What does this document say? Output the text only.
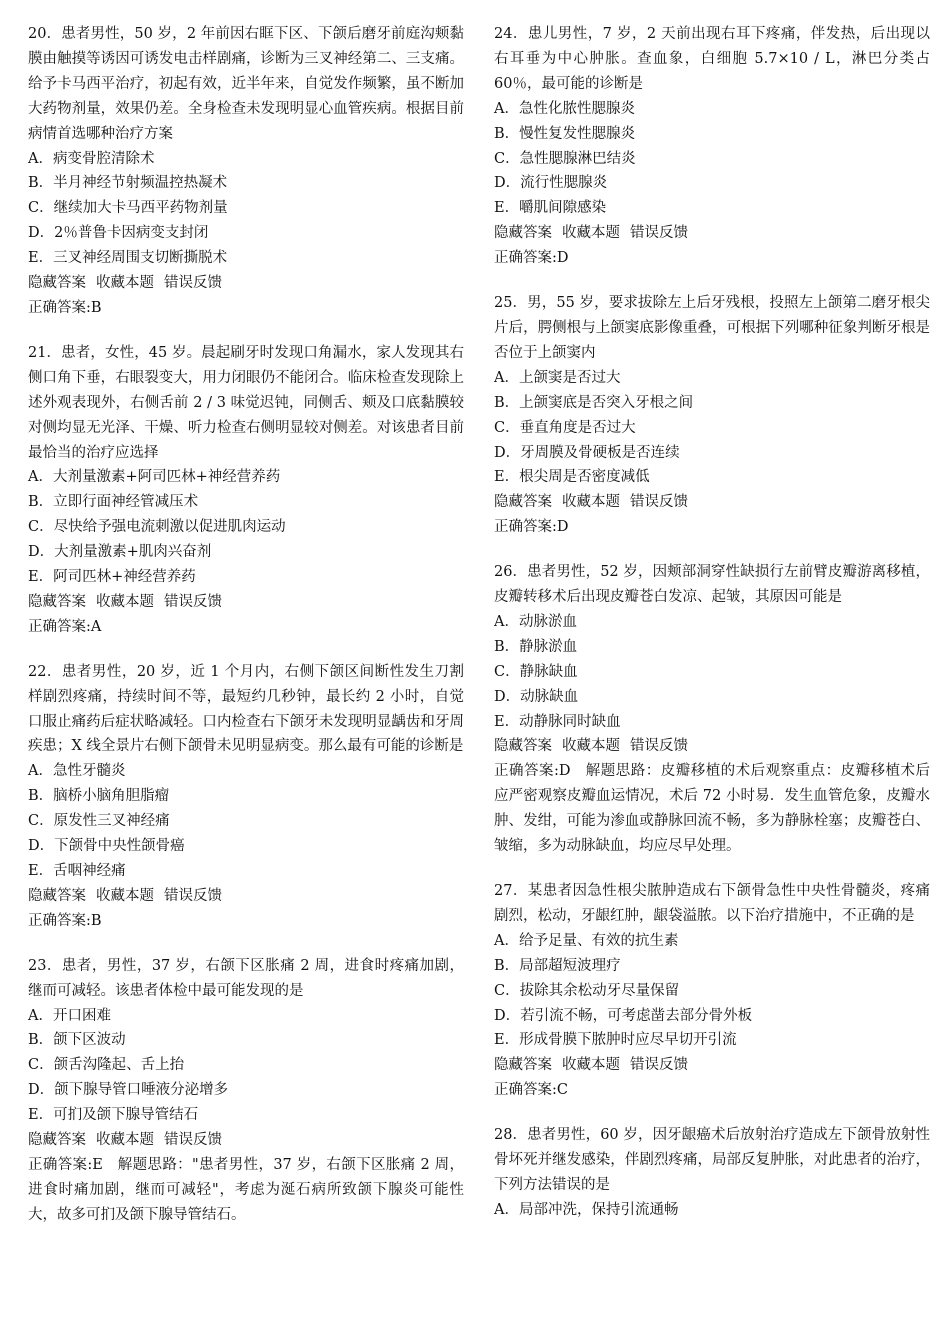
20．患者男性，50 岁，2 年前因右眶下区、下颌后磨牙前庭沟颊黏膜由触摸等诱因可诱发电击样剧痛，诊断为三叉神经第二、三支痛。给予卡马西平治疗，初起有效，近半年来，自觉发作频繁，虽不断加大药物剂量，效果仍差。全身检查未发现明显心血管疾病。根据目前病情首选哪种治疗方案
A．病变骨腔清除术
B．半月神经节射频温控热凝术
C．继续加大卡马西平药物剂量
D．2％普鲁卡因病变支封闭
E．三叉神经周围支切断撕脱术
隐藏答案 收藏本题 错误反馈
正确答案:B
21．患者，女性，45 岁。晨起刷牙时发现口角漏水，家人发现其右侧口角下垂，右眼裂变大，用力闭眼仍不能闭合。临床检查发现除上述外观表现外，右侧舌前 2 / 3 味觉迟钝，同侧舌、颊及口底黏膜较对侧均显无光泽、干燥、听力检查右侧明显较对侧差。对该患者目前最恰当的治疗应选择
A．大剂量激素+阿司匹林+神经营养药
B．立即行面神经管减压术
C．尽快给予强电流刺激以促进肌肉运动
D．大剂量激素+肌肉兴奋剂
E．阿司匹林+神经营养药
隐藏答案 收藏本题 错误反馈
正确答案:A
22．患者男性，20 岁，近 1 个月内，右侧下颌区间断性发生刀割样剧烈疼痛，持续时间不等，最短约几秒钟，最长约 2 小时，自觉口服止痛药后症状略减轻。口内检查右下颌牙未发现明显龋齿和牙周疾患；X 线全景片右侧下颌骨未见明显病变。那么最有可能的诊断是
A．急性牙髓炎
B．脑桥小脑角胆脂瘤
C．原发性三叉神经痛
D．下颌骨中央性颌骨癌
E．舌咽神经痛
隐藏答案 收藏本题 错误反馈
正确答案:B
23．患者，男性，37 岁，右颌下区胀痛 2 周，进食时疼痛加剧，继而可减轻。该患者体检中最可能发现的是
A．开口困难
B．颌下区波动
C．颌舌沟隆起、舌上抬
D．颌下腺导管口唾液分泌增多
E．可扪及颌下腺导管结石
隐藏答案 收藏本题 错误反馈
正确答案:E 解题思路："患者男性，37 岁，右颌下区胀痛 2 周，进食时痛加剧，继而可减轻"，考虑为涎石病所致颌下腺炎可能性大，故多可扪及颌下腺导管结石。
24．患儿男性，7 岁，2 天前出现右耳下疼痛，伴发热，后出现以右耳垂为中心肿胀。查血象，白细胞 5.7×10 / L，淋巴分类占 60％，最可能的诊断是
A．急性化脓性腮腺炎
B．慢性复发性腮腺炎
C．急性腮腺淋巴结炎
D．流行性腮腺炎
E．嚼肌间隙感染
隐藏答案 收藏本题 错误反馈
正确答案:D
25．男，55 岁，要求拔除左上后牙残根，投照左上颌第二磨牙根尖片后，腭侧根与上颌窦底影像重叠，可根据下列哪种征象判断牙根是否位于上颌窦内
A．上颌窦是否过大
B．上颌窦底是否突入牙根之间
C．垂直角度是否过大
D．牙周膜及骨硬板是否连续
E．根尖周是否密度减低
隐藏答案 收藏本题 错误反馈
正确答案:D
26．患者男性，52 岁，因颊部洞穿性缺损行左前臂皮瓣游离移植，皮瓣转移术后出现皮瓣苍白发凉、起皱，其原因可能是
A．动脉淤血
B．静脉淤血
C．静脉缺血
D．动脉缺血
E．动静脉同时缺血
隐藏答案 收藏本题 错误反馈
正确答案:D 解题思路：皮瓣移植的术后观察重点：皮瓣移植术后应严密观察皮瓣血运情况，术后 72 小时易．发生血管危象，皮瓣水肿、发绀，可能为渗血或静脉回流不畅，多为静脉栓塞；皮瓣苍白、皱缩，多为动脉缺血，均应尽早处理。
27．某患者因急性根尖脓肿造成右下颌骨急性中央性骨髓炎，疼痛剧烈，松动，牙龈红肿，龈袋溢脓。以下治疗措施中，不正确的是
A．给予足量、有效的抗生素
B．局部超短波理疗
C．拔除其余松动牙尽量保留
D．若引流不畅，可考虑凿去部分骨外板
E．形成骨膜下脓肿时应尽早切开引流
隐藏答案 收藏本题 错误反馈
正确答案:C
28．患者男性，60 岁，因牙龈癌术后放射治疗造成左下颌骨放射性骨坏死并继发感染，伴剧烈疼痛，局部反复肿胀，对此患者的治疗，下列方法错误的是
A．局部冲洗，保持引流通畅
